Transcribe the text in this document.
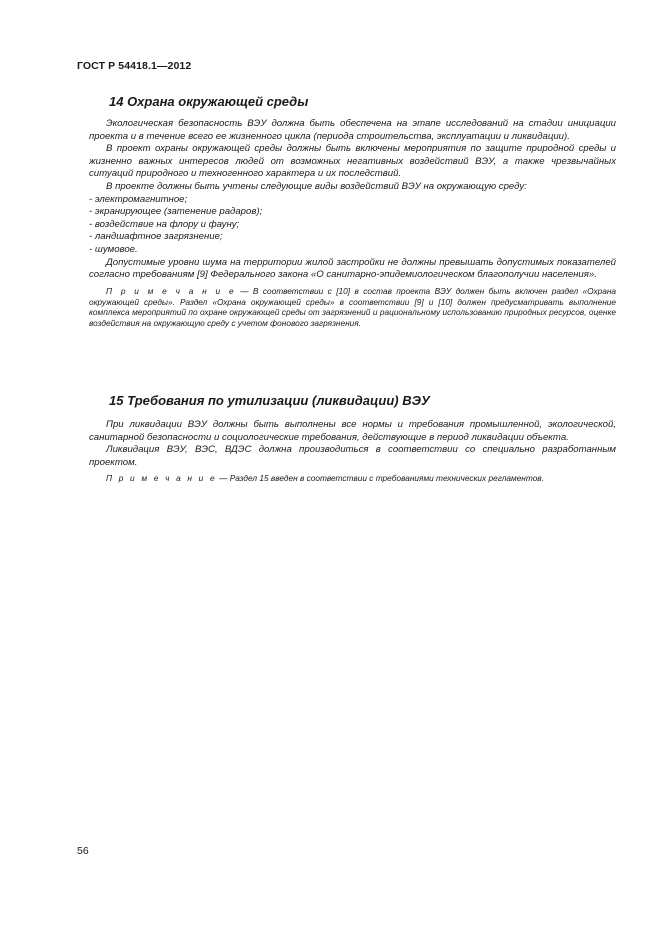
ГОСТ Р 54418.1—2012
14 Охрана окружающей среды

Экологическая безопасность ВЭУ должна быть обеспечена на этапе исследований на стадии инициации проекта и в течение всего ее жизненного цикла (периода строительства, эксплуатации и ликвидации).

В проект охраны окружающей среды должны быть включены мероприятия по защите природной среды и жизненно важных интересов людей от возможных негативных воздействий ВЭУ, а также чрезвычайных ситуаций природного и техногенного характера и их последствий.

В проекте должны быть учтены следующие виды воздействий ВЭУ на окружающую среду:

- электромагнитное;
- экранирующее (затенение радаров);
- воздействие на флору и фауну;
- ландшафтное загрязнение;
- шумовое.

Допустимые уровни шума на территории жилой застройки не должны превышать допустимых показателей согласно требованиям [9] Федерального закона «О санитарно-эпидемиологическом благополучии населения».

П р и м е ч а н и е — В соответствии с [10] в состав проекта ВЭУ должен быть включен раздел «Охрана окружающей среды». Раздел «Охрана окружающей среды» в соответствии [9] и [10] должен предусматривать выполнение комплекса мероприятий по охране окружающей среды от загрязнений и рациональному использованию природных ресурсов, оценке воздействия на окружающую среду с учетом фонового загрязнения.

15 Требования по утилизации (ликвидации) ВЭУ

При ликвидации ВЭУ должны быть выполнены все нормы и требования промышленной, экологической, санитарной безопасности и социологические требования, действующие в период ликвидации объекта.

Ликвидация ВЭУ, ВЭС, ВДЭС должна производиться в соответствии со специально разработанным проектом.

П р и м е ч а н и е — Раздел 15 введен в соответствии с требованиями технических регламентов.

56
